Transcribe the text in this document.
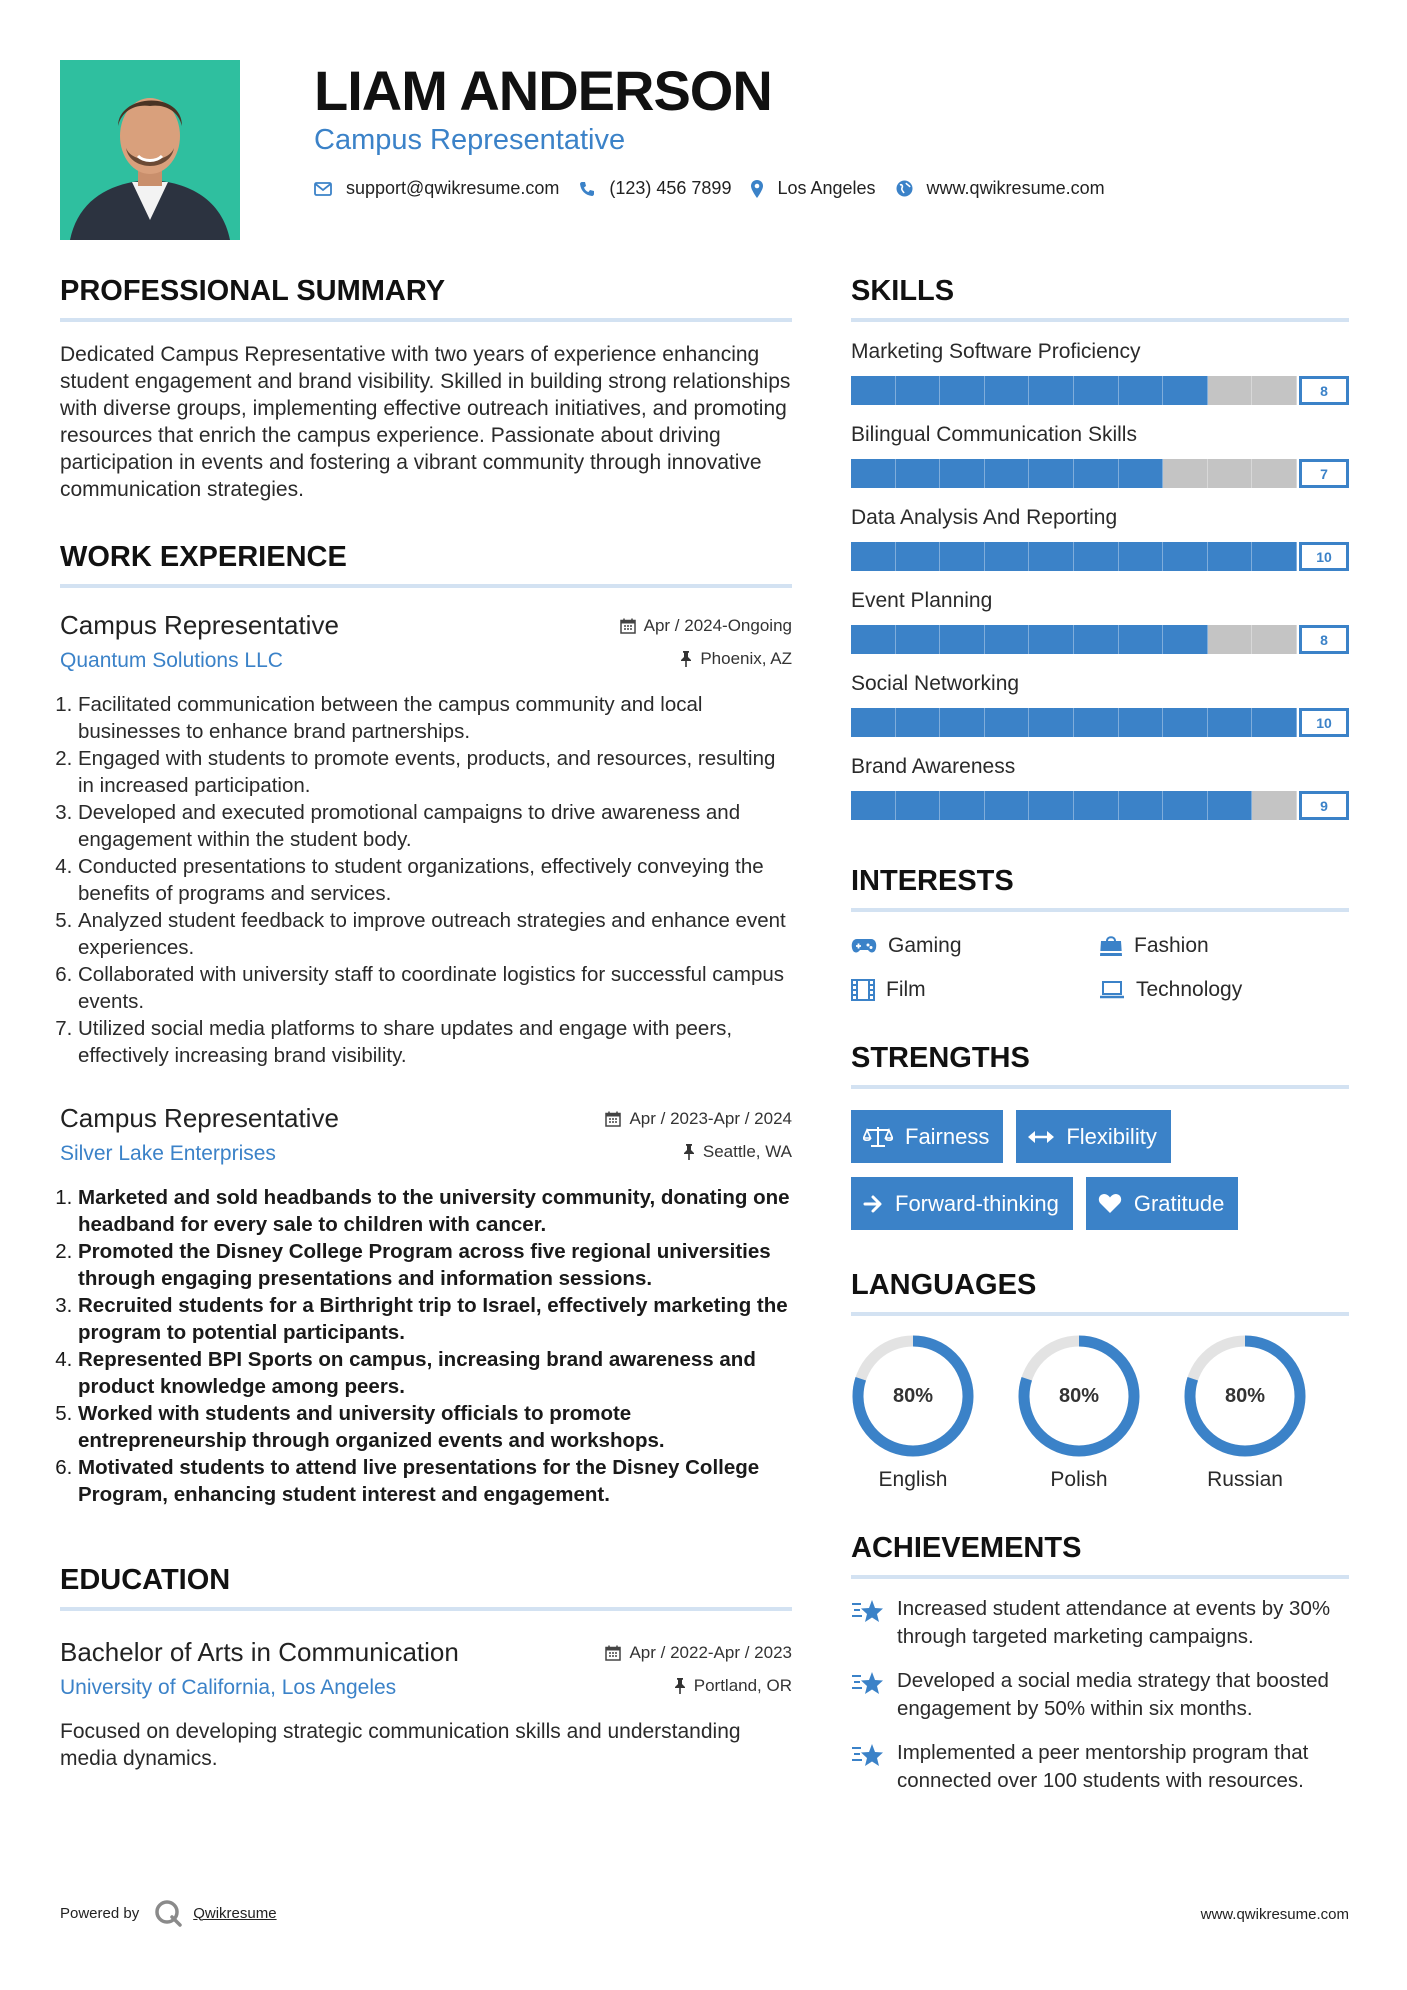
LIAM ANDERSON
Campus Representative
support@qwikresume.com	(123) 456 7899	Los Angeles	www.qwikresume.com
PROFESSIONAL SUMMARY

Dedicated Campus Representative with two years of experience enhancing student engagement and brand visibility. Skilled in building strong relationships with diverse groups, implementing effective outreach initiatives, and promoting resources that enrich the campus experience. Passionate about driving participation in events and fostering a vibrant community through innovative communication strategies.

WORK EXPERIENCE
Campus Representative	Apr / 2024-Ongoing
Quantum Solutions LLC	Phoenix, AZ
1. Facilitated communication between the campus community and local businesses to enhance brand partnerships.
2. Engaged with students to promote events, products, and resources, resulting in increased participation.
3. Developed and executed promotional campaigns to drive awareness and engagement within the student body.
4. Conducted presentations to student organizations, effectively conveying the benefits of programs and services.
5. Analyzed student feedback to improve outreach strategies and enhance event experiences.
6. Collaborated with university staff to coordinate logistics for successful campus events.
7. Utilized social media platforms to share updates and engage with peers, effectively increasing brand visibility.
Campus Representative	Apr / 2023-Apr / 2024
Silver Lake Enterprises	Seattle, WA
1. Marketed and sold headbands to the university community, donating one headband for every sale to children with cancer.
2. Promoted the Disney College Program across five regional universities through engaging presentations and information sessions.
3. Recruited students for a Birthright trip to Israel, effectively marketing the program to potential participants.
4. Represented BPI Sports on campus, increasing brand awareness and product knowledge among peers.
5. Worked with students and university officials to promote entrepreneurship through organized events and workshops.
6. Motivated students to attend live presentations for the Disney College Program, enhancing student interest and engagement.
EDUCATION
Bachelor of Arts in Communication	Apr / 2022-Apr / 2023
University of California, Los Angeles	Portland, OR

Focused on developing strategic communication skills and understanding media dynamics.

SKILLS
Marketing Software Proficiency
8
Bilingual Communication Skills
7
Data Analysis And Reporting
10
Event Planning
8
Social Networking
10
Brand Awareness
9
INTERESTS
Gaming	Fashion
Film	Technology
STRENGTHS
Fairness	Flexibility
Forward-thinking	Gratitude
LANGUAGES
80%
English
80%
Polish
80%
Russian
ACHIEVEMENTS
Increased student attendance at events by 30% through targeted marketing campaigns.
Developed a social media strategy that boosted engagement by 50% within six months.
Implemented a peer mentorship program that connected over 100 students with resources.
Powered by	Qwikresume	www.qwikresume.com
